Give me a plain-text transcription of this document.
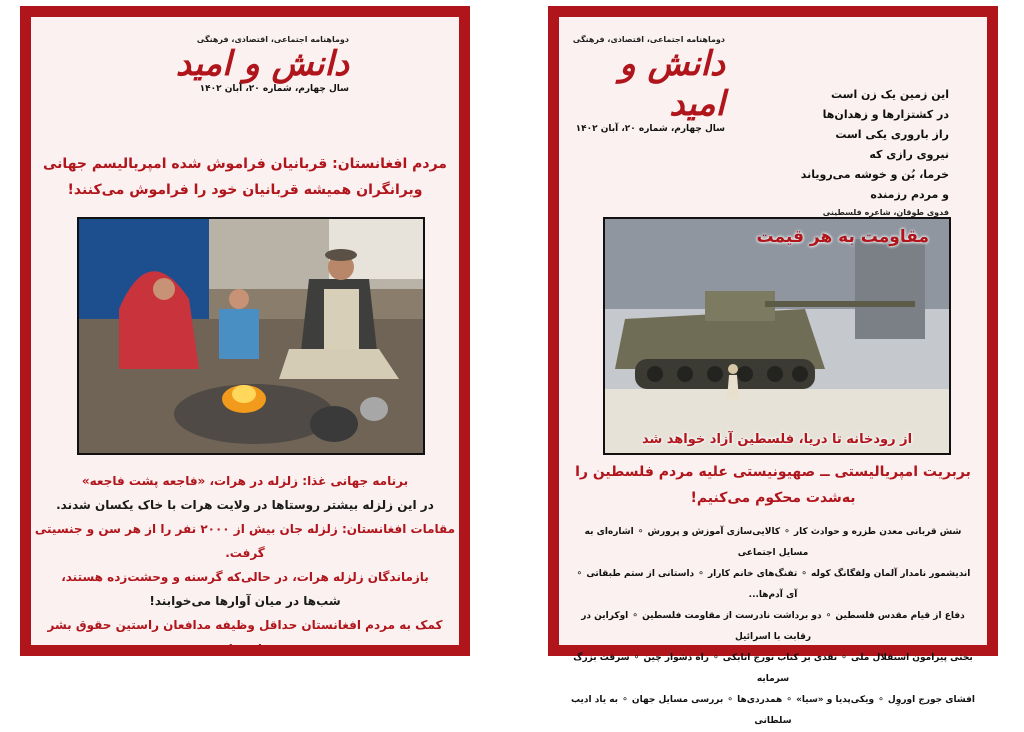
دوماهنامه اجتماعی، اقتصادی، فرهنگی
دانش و امید
سال چهارم، شماره ۲۰، آبان ۱۴۰۲
مردم افغانستان: قربانیان فراموش شده امپریالیسم جهانی
ویرانگران همیشه قربانیان خود را فراموش می‌کنند!
برنامه جهانی غذا: زلزله در هرات، «فاجعه پشت فاجعه»
در این زلزله بیشتر روستاها در ولایت هرات با خاک یکسان شدند.
مقامات افغانستان: زلزله جان بیش از ۲۰۰۰ نفر را از هر سن و جنسیتی گرفت.
بازماندگان زلزله هرات، در حالی‌که گرسنه و وحشت‌زده هستند،
شب‌ها در میان آوارها می‌خوابند!
کمک به مردم افغانستان حداقل وظیفه مدافعان راستین حقوق بشر است!
دوماهنامه اجتماعی، اقتصادی، فرهنگی
دانش و امید
سال چهارم، شماره ۲۰، آبان ۱۴۰۲
این زمین یک زن است
در کشتزارها و زهدان‌ها
راز باروری یکی است
نیروی رازی که
خرما، بُن و خوشه می‌رویاند
و مردم رزمنده
فدوی طوقان، شاعره فلسطینی
مقاومت به هر قیمت
از رودخانه تا دریا، فلسطین آزاد خواهد شد
بربریت امپریالیستی ــ صهیونیستی علیه مردم فلسطین را
به‌شدت محکوم می‌کنیم!
شش قربانی معدن طزره و حوادث کار ⚬ کالایی‌سازی آموزش و پرورش ⚬ اشاره‌ای به مسایل اجتماعی
اندیشمور نامدار آلمان ولفگانگ کوله ⚬ تفنگ‌های خانم کارار ⚬ داستانی از ستم طبقاتی ⚬ آی آدم‌ها...
دفاع از قیام مقدس فلسطین ⚬ دو برداشت نادرست از مقاومت فلسطین ⚬ اوکراین در رقابت با اسرائیل
بحثی پیرامون استقلال ملی ⚬ نقدی بر کتاب تورج اتابکی ⚬ راه دشوار چین ⚬ سرقت بزرگ سرمایه
افشای جورج اوروِل ⚬ ویکی‌پدیا و «سیا» ⚬ همدردی‌ها ⚬ بررسی مسایل جهان ⚬ به یاد ادیب سلطانی
